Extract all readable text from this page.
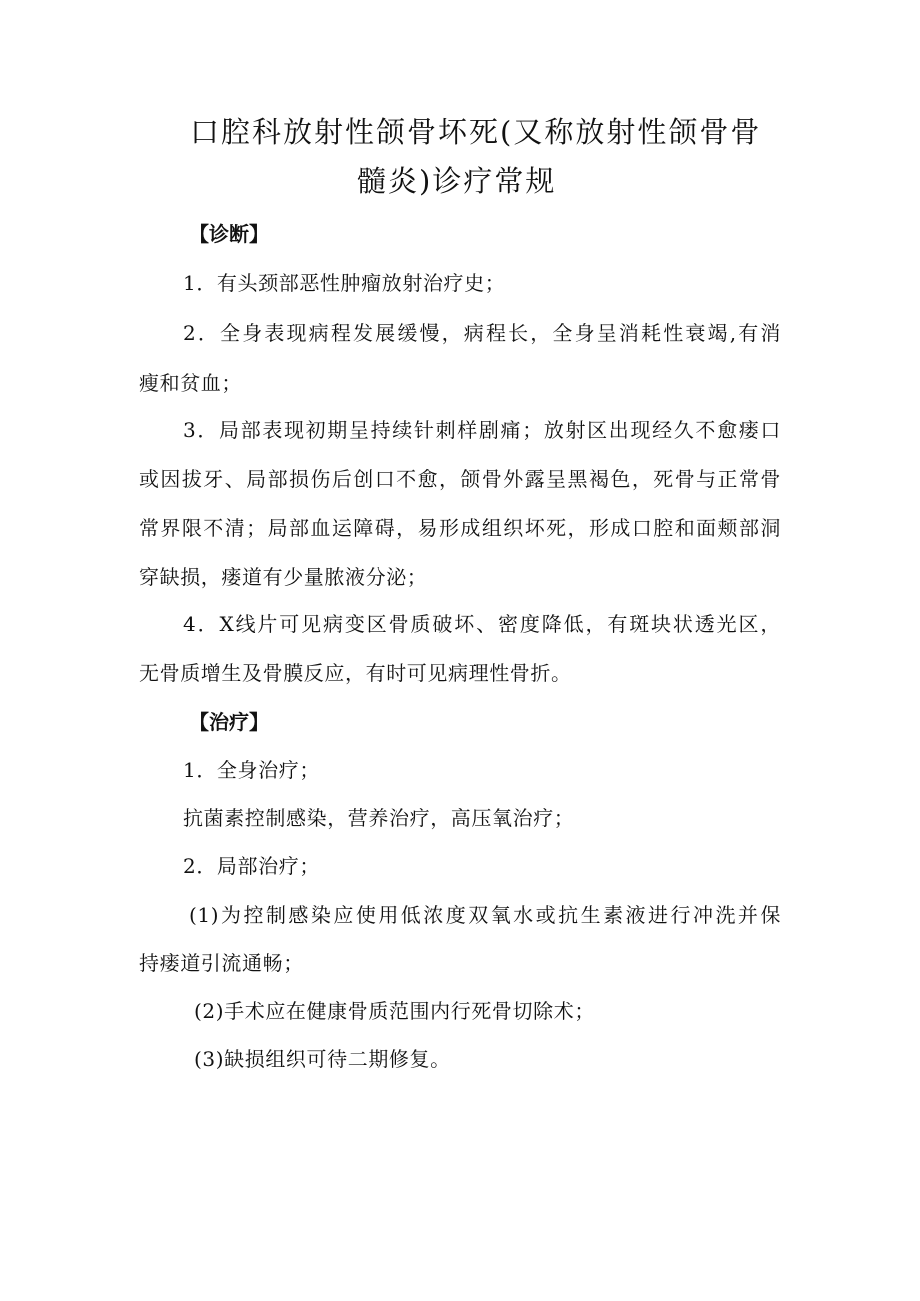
口腔科放射性颌骨坏死(又称放射性颌骨骨
髓炎)诊疗常规
【诊断】
1．有头颈部恶性肿瘤放射治疗史；
2．全身表现病程发展缓慢，病程长，全身呈消耗性衰竭,有消
瘦和贫血；
3．局部表现初期呈持续针刺样剧痛；放射区出现经久不愈瘘口
或因拔牙、局部损伤后创口不愈，颌骨外露呈黑褐色，死骨与正常骨
常界限不清；局部血运障碍，易形成组织坏死，形成口腔和面颊部洞
穿缺损，瘘道有少量脓液分泌；
4．X线片可见病变区骨质破坏、密度降低，有斑块状透光区，
无骨质增生及骨膜反应，有时可见病理性骨折。
【治疗】
1．全身治疗；
抗菌素控制感染，营养治疗，高压氧治疗；
2．局部治疗；
(1)为控制感染应使用低浓度双氧水或抗生素液进行冲洗并保
持瘘道引流通畅；
(2)手术应在健康骨质范围内行死骨切除术；
(3)缺损组织可待二期修复。
